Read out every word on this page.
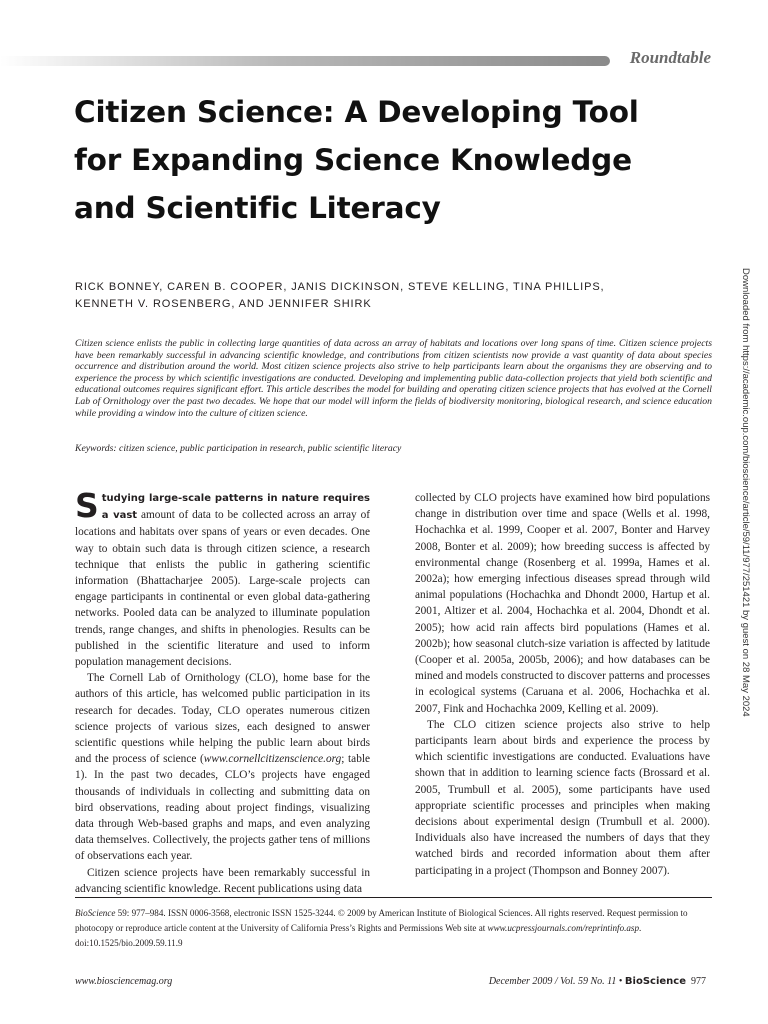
Roundtable
Citizen Science: A Developing Tool
for Expanding Science Knowledge
and Scientific Literacy
RICK BONNEY, CAREN B. COOPER, JANIS DICKINSON, STEVE KELLING, TINA PHILLIPS,
KENNETH V. ROSENBERG, AND JENNIFER SHIRK

Citizen science enlists the public in collecting large quantities of data across an array of habitats and locations over long spans of time. Citizen science projects have been remarkably successful in advancing scientific knowledge, and contributions from citizen scientists now provide a vast quantity of data about species occurrence and distribution around the world. Most citizen science projects also strive to help participants learn about the organisms they are observing and to experience the process by which scientific investigations are conducted. Developing and implementing public data-collection projects that yield both scientific and educational outcomes requires significant effort. This article describes the model for building and operating citizen science projects that has evolved at the Cornell Lab of Ornithology over the past two decades. We hope that our model will inform the fields of biodiversity monitoring, biological research, and science education while providing a window into the culture of citizen science.

Keywords: citizen science, public participation in research, public scientific literacy

Studying large-scale patterns in nature requires a vast amount of data to be collected across an array of locations and habitats over spans of years or even decades. One way to obtain such data is through citizen science, a research technique that enlists the public in gathering scientific information (Bhattacharjee 2005). Large-scale projects can engage participants in continental or even global data-gathering networks. Pooled data can be analyzed to illuminate population trends, range changes, and shifts in phenologies. Results can be published in the scientific literature and used to inform population management decisions.

The Cornell Lab of Ornithology (CLO), home base for the authors of this article, has welcomed public participation in its research for decades. Today, CLO operates numerous citizen science projects of various sizes, each designed to answer scientific questions while helping the public learn about birds and the process of science (www.cornellcitizenscience.org; table 1). In the past two decades, CLO’s projects have engaged thousands of individuals in collecting and submitting data on bird observations, reading about project findings, visualizing data through Web-based graphs and maps, and even analyzing data themselves. Collectively, the projects gather tens of millions of observations each year.

Citizen science projects have been remarkably successful in advancing scientific knowledge. Recent publications using data

collected by CLO projects have examined how bird populations change in distribution over time and space (Wells et al. 1998, Hochachka et al. 1999, Cooper et al. 2007, Bonter and Harvey 2008, Bonter et al. 2009); how breeding success is affected by environmental change (Rosenberg et al. 1999a, Hames et al. 2002a); how emerging infectious diseases spread through wild animal populations (Hochachka and Dhondt 2000, Hartup et al. 2001, Altizer et al. 2004, Hochachka et al. 2004, Dhondt et al. 2005); how acid rain affects bird populations (Hames et al. 2002b); how seasonal clutch-size variation is affected by latitude (Cooper et al. 2005a, 2005b, 2006); and how databases can be mined and models constructed to discover patterns and processes in ecological systems (Caruana et al. 2006, Hochachka et al. 2007, Fink and Hochachka 2009, Kelling et al. 2009).

The CLO citizen science projects also strive to help participants learn about birds and experience the process by which scientific investigations are conducted. Evaluations have shown that in addition to learning science facts (Brossard et al. 2005, Trumbull et al. 2005), some participants have used appropriate scientific processes and principles when making decisions about experimental design (Trumbull et al. 2000). Individuals also have increased the numbers of days that they watched birds and recorded information about them after participating in a project (Thompson and Bonney 2007).

BioScience 59: 977–984. ISSN 0006-3568, electronic ISSN 1525-3244. © 2009 by American Institute of Biological Sciences. All rights reserved. Request permission to photocopy or reproduce article content at the University of California Press’s Rights and Permissions Web site at www.ucpressjournals.com/reprintinfo.asp. doi:10.1525/bio.2009.59.11.9

www.biosciencemag.org	December 2009 / Vol. 59 No. 11 • BioScience 977
Downloaded from https://academic.oup.com/bioscience/article/59/11/977/251421 by guest on 28 May 2024
